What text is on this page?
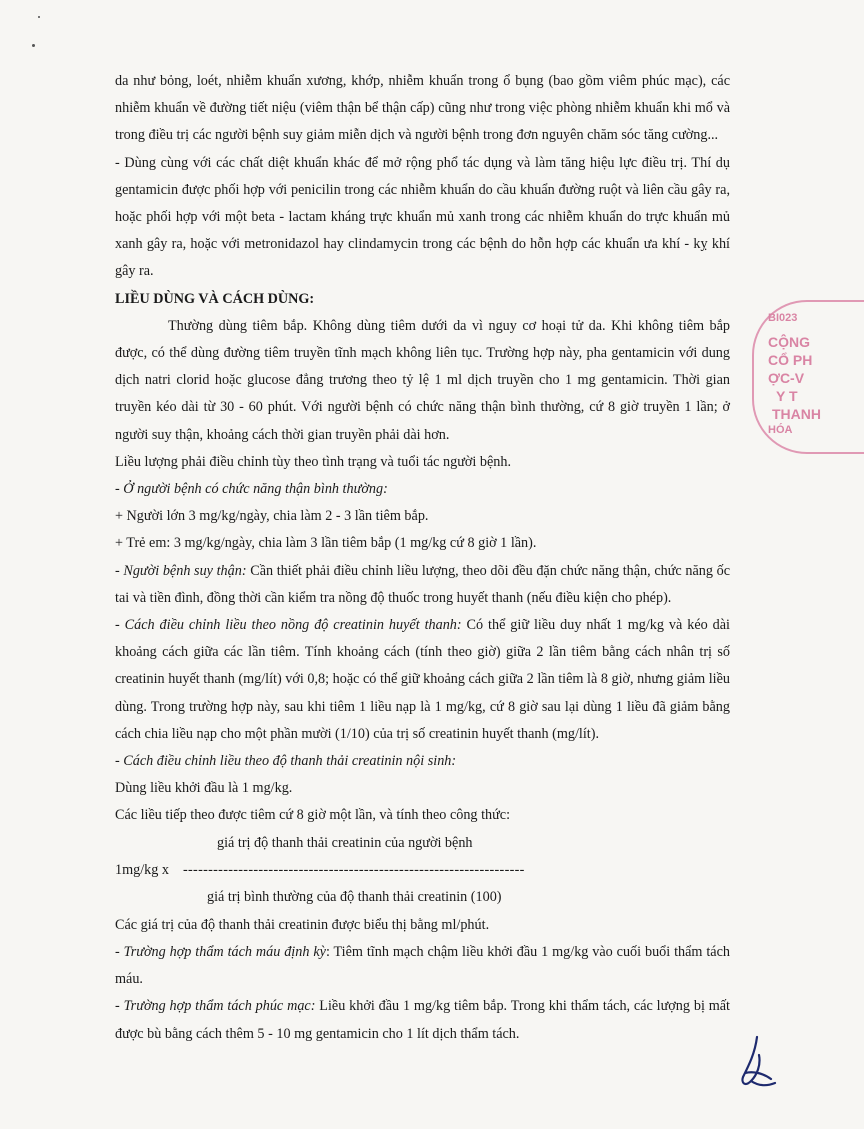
da như bỏng, loét, nhiễm khuẩn xương, khớp, nhiễm khuẩn trong ổ bụng (bao gồm viêm phúc mạc), các nhiễm khuẩn về đường tiết niệu (viêm thận bể thận cấp) cũng như trong việc phòng nhiễm khuẩn khi mổ và trong điều trị các người bệnh suy giảm miễn dịch và người bệnh trong đơn nguyên chăm sóc tăng cường...

- Dùng cùng với các chất diệt khuẩn khác để mở rộng phổ tác dụng và làm tăng hiệu lực điều trị. Thí dụ gentamicin được phối hợp với penicilin trong các nhiễm khuẩn do cầu khuẩn đường ruột và liên cầu gây ra, hoặc phối hợp với một beta - lactam kháng trực khuẩn mủ xanh trong các nhiễm khuẩn do trực khuẩn mủ xanh gây ra, hoặc với metronidazol hay clindamycin trong các bệnh do hỗn hợp các khuẩn ưa khí - kỵ khí gây ra.

LIỀU DÙNG VÀ CÁCH DÙNG:

Thường dùng tiêm bắp. Không dùng tiêm dưới da vì nguy cơ hoại tử da. Khi không tiêm bắp được, có thể dùng đường tiêm truyền tĩnh mạch không liên tục. Trường hợp này, pha gentamicin với dung dịch natri clorid hoặc glucose đẳng trương theo tỷ lệ 1 ml dịch truyền cho 1 mg gentamicin. Thời gian truyền kéo dài từ 30 - 60 phút. Với người bệnh có chức năng thận bình thường, cứ 8 giờ truyền 1 lần; ở người suy thận, khoảng cách thời gian truyền phải dài hơn.

Liều lượng phải điều chỉnh tùy theo tình trạng và tuổi tác người bệnh.

- Ở người bệnh có chức năng thận bình thường:

+ Người lớn 3 mg/kg/ngày, chia làm 2 - 3 lần tiêm bắp.

+ Trẻ em: 3 mg/kg/ngày, chia làm 3 lần tiêm bắp (1 mg/kg cứ 8 giờ 1 lần).

- Người bệnh suy thận: Cần thiết phải điều chỉnh liều lượng, theo dõi đều đặn chức năng thận, chức năng ốc tai và tiền đình, đồng thời cần kiểm tra nồng độ thuốc trong huyết thanh (nếu điều kiện cho phép).

- Cách điều chỉnh liều theo nồng độ creatinin huyết thanh: Có thể giữ liều duy nhất 1 mg/kg và kéo dài khoảng cách giữa các lần tiêm. Tính khoảng cách (tính theo giờ) giữa 2 lần tiêm bằng cách nhân trị số creatinin huyết thanh (mg/lít) với 0,8; hoặc có thể giữ khoảng cách giữa 2 lần tiêm là 8 giờ, nhưng giảm liều dùng. Trong trường hợp này, sau khi tiêm 1 liều nạp là 1 mg/kg, cứ 8 giờ sau lại dùng 1 liều đã giảm bằng cách chia liều nạp cho một phần mười (1/10) của trị số creatinin huyết thanh (mg/lít).

- Cách điều chỉnh liều theo độ thanh thải creatinin nội sinh:

Dùng liều khởi đầu là 1 mg/kg.

Các liều tiếp theo được tiêm cứ 8 giờ một lần, và tính theo công thức:

giá trị độ thanh thải creatinin của người bệnh
1mg/kg x --------------------------------------------------------------------
giá trị bình thường của độ thanh thải creatinin (100)

Các giá trị của độ thanh thải creatinin được biểu thị bằng ml/phút.

- Trường hợp thẩm tách máu định kỳ: Tiêm tĩnh mạch chậm liều khởi đầu 1 mg/kg vào cuối buổi thẩm tách máu.

- Trường hợp thẩm tách phúc mạc: Liều khởi đầu 1 mg/kg tiêm bắp. Trong khi thẩm tách, các lượng bị mất được bù bằng cách thêm 5 - 10 mg gentamicin cho 1 lít dịch thẩm tách.

BI023
CỘNG
CỔ PH
ỢC-V
Y T
THANH
HÓA
